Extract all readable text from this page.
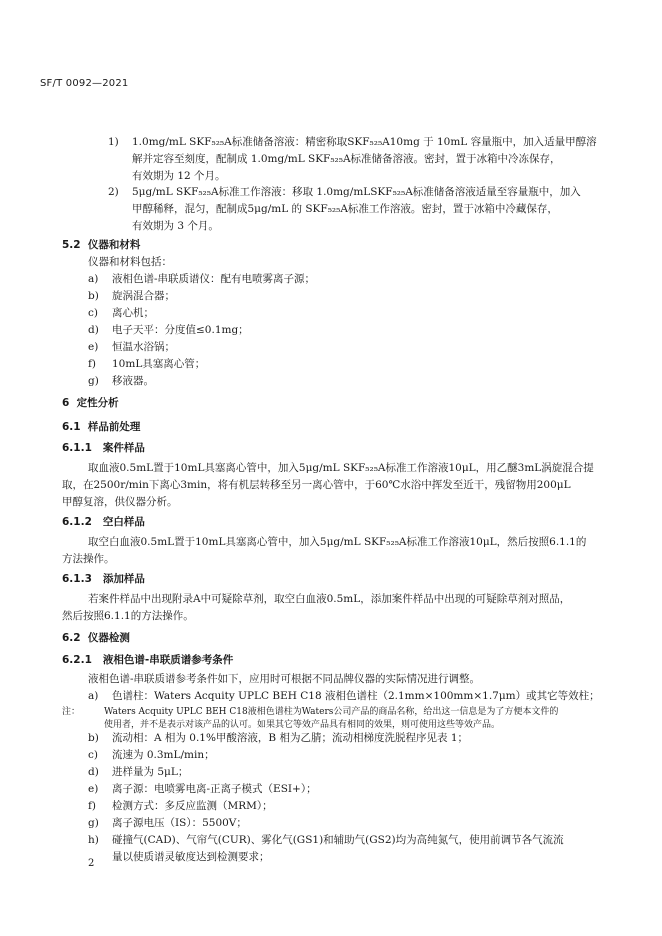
SF/T 0092—2021
1) 1.0mg/mL SKF₅₂₅A标准储备溶液：精密称取SKF₅₂₅A10mg 于 10mL 容量瓶中，加入适量甲醇溶
解并定容至刻度，配制成 1.0mg/mL SKF₅₂₅A标准储备溶液。密封，置于冰箱中冷冻保存，
有效期为 12 个月。
2) 5μg/mL SKF₅₂₅A标准工作溶液：移取 1.0mg/mLSKF₅₂₅A标准储备溶液适量至容量瓶中，加入
甲醇稀释，混匀，配制成5μg/mL 的 SKF₅₂₅A标准工作溶液。密封，置于冰箱中冷藏保存，
有效期为 3 个月。
5.2 仪器和材料
仪器和材料包括：
a) 液相色谱-串联质谱仪：配有电喷雾离子源；
b) 旋涡混合器；
c) 离心机；
d) 电子天平：分度值≤0.1mg；
e) 恒温水浴锅；
f) 10mL具塞离心管；
g) 移液器。
6 定性分析
6.1 样品前处理
6.1.1 案件样品
取血液0.5mL置于10mL具塞离心管中，加入5μg/mL SKF₅₂₅A标准工作溶液10μL，用乙醚3mL涡旋混合提
取，在2500r/min下离心3min，将有机层转移至另一离心管中，于60℃水浴中挥发至近干，残留物用200μL
甲醇复溶，供仪器分析。
6.1.2 空白样品
取空白血液0.5mL置于10mL具塞离心管中，加入5μg/mL SKF₅₂₅A标准工作溶液10μL，然后按照6.1.1的
方法操作。
6.1.3 添加样品
若案件样品中出现附录A中可疑除草剂，取空白血液0.5mL，添加案件样品中出现的可疑除草剂对照品，
然后按照6.1.1的方法操作。
6.2 仪器检测
6.2.1 液相色谱-串联质谱参考条件
液相色谱-串联质谱参考条件如下，应用时可根据不同品牌仪器的实际情况进行调整。
a) 色谱柱：Waters Acquity UPLC BEH C18 液相色谱柱（2.1mm×100mm×1.7μm）或其它等效柱；
注：	Waters Acquity UPLC BEH C18液相色谱柱为Waters公司产品的商品名称，给出这一信息是为了方便本文件的
使用者，并不是表示对该产品的认可。如果其它等效产品具有相同的效果，则可使用这些等效产品。
b) 流动相：A 相为 0.1%甲酸溶液，B 相为乙腈；流动相梯度洗脱程序见表 1；
c) 流速为 0.3mL/min；
d) 进样量为 5μL；
e) 离子源：电喷雾电离-正离子模式（ESI+）；
f) 检测方式：多反应监测（MRM）；
g) 离子源电压（IS）：5500V；
h) 碰撞气(CAD)、气帘气(CUR)、雾化气(GS1)和辅助气(GS2)均为高纯氮气，使用前调节各气流流
量以使质谱灵敏度达到检测要求；
2
